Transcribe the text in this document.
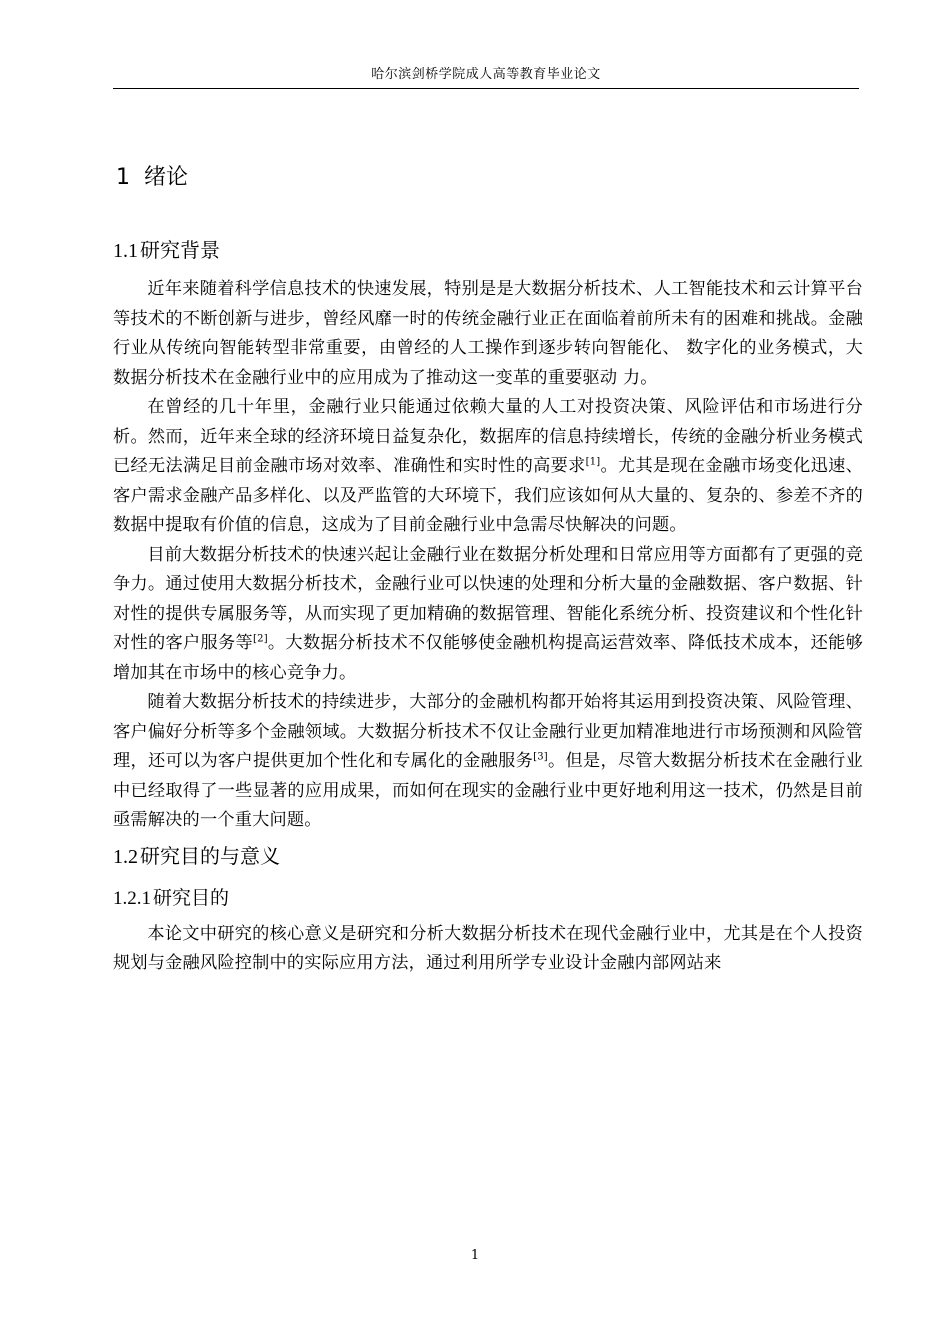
哈尔滨剑桥学院成人高等教育毕业论文
1 绪论
1.1 研究背景

近年来随着科学信息技术的快速发展，特别是是大数据分析技术、人工智能技术和云计算平台等技术的不断创新与进步，曾经风靡一时的传统金融行业正在面临着前所未有的困难和挑战。金融行业从传统向智能转型非常重要，由曾经的人工操作到逐步转向智能化、 数字化的业务模式，大数据分析技术在金融行业中的应用成为了推动这一变革的重要驱动 力。

在曾经的几十年里，金融行业只能通过依赖大量的人工对投资决策、风险评估和市场进行分析。然而，近年来全球的经济环境日益复杂化，数据库的信息持续增长，传统的金融分析业务模式已经无法满足目前金融市场对效率、准确性和实时性的高要求[1]。尤其是现在金融市场变化迅速、客户需求金融产品多样化、以及严监管的大环境下，我们应该如何从大量的、复杂的、参差不齐的数据中提取有价值的信息，这成为了目前金融行业中急需尽快解决的问题。

目前大数据分析技术的快速兴起让金融行业在数据分析处理和日常应用等方面都有了更强的竞争力。通过使用大数据分析技术，金融行业可以快速的处理和分析大量的金融数据、客户数据、针对性的提供专属服务等，从而实现了更加精确的数据管理、智能化系统分析、投资建议和个性化针对性的客户服务等[2]。大数据分析技术不仅能够使金融机构提高运营效率、降低技术成本，还能够增加其在市场中的核心竞争力。

随着大数据分析技术的持续进步，大部分的金融机构都开始将其运用到投资决策、风险管理、客户偏好分析等多个金融领域。大数据分析技术不仅让金融行业更加精准地进行市场预测和风险管理，还可以为客户提供更加个性化和专属化的金融服务[3]。但是，尽管大数据分析技术在金融行业中已经取得了一些显著的应用成果，而如何在现实的金融行业中更好地利用这一技术，仍然是目前亟需解决的一个重大问题。

1.2 研究目的与意义
1.2.1 研究目的

本论文中研究的核心意义是研究和分析大数据分析技术在现代金融行业中，尤其是在个人投资规划与金融风险控制中的实际应用方法，通过利用所学专业设计金融内部网站来

1
